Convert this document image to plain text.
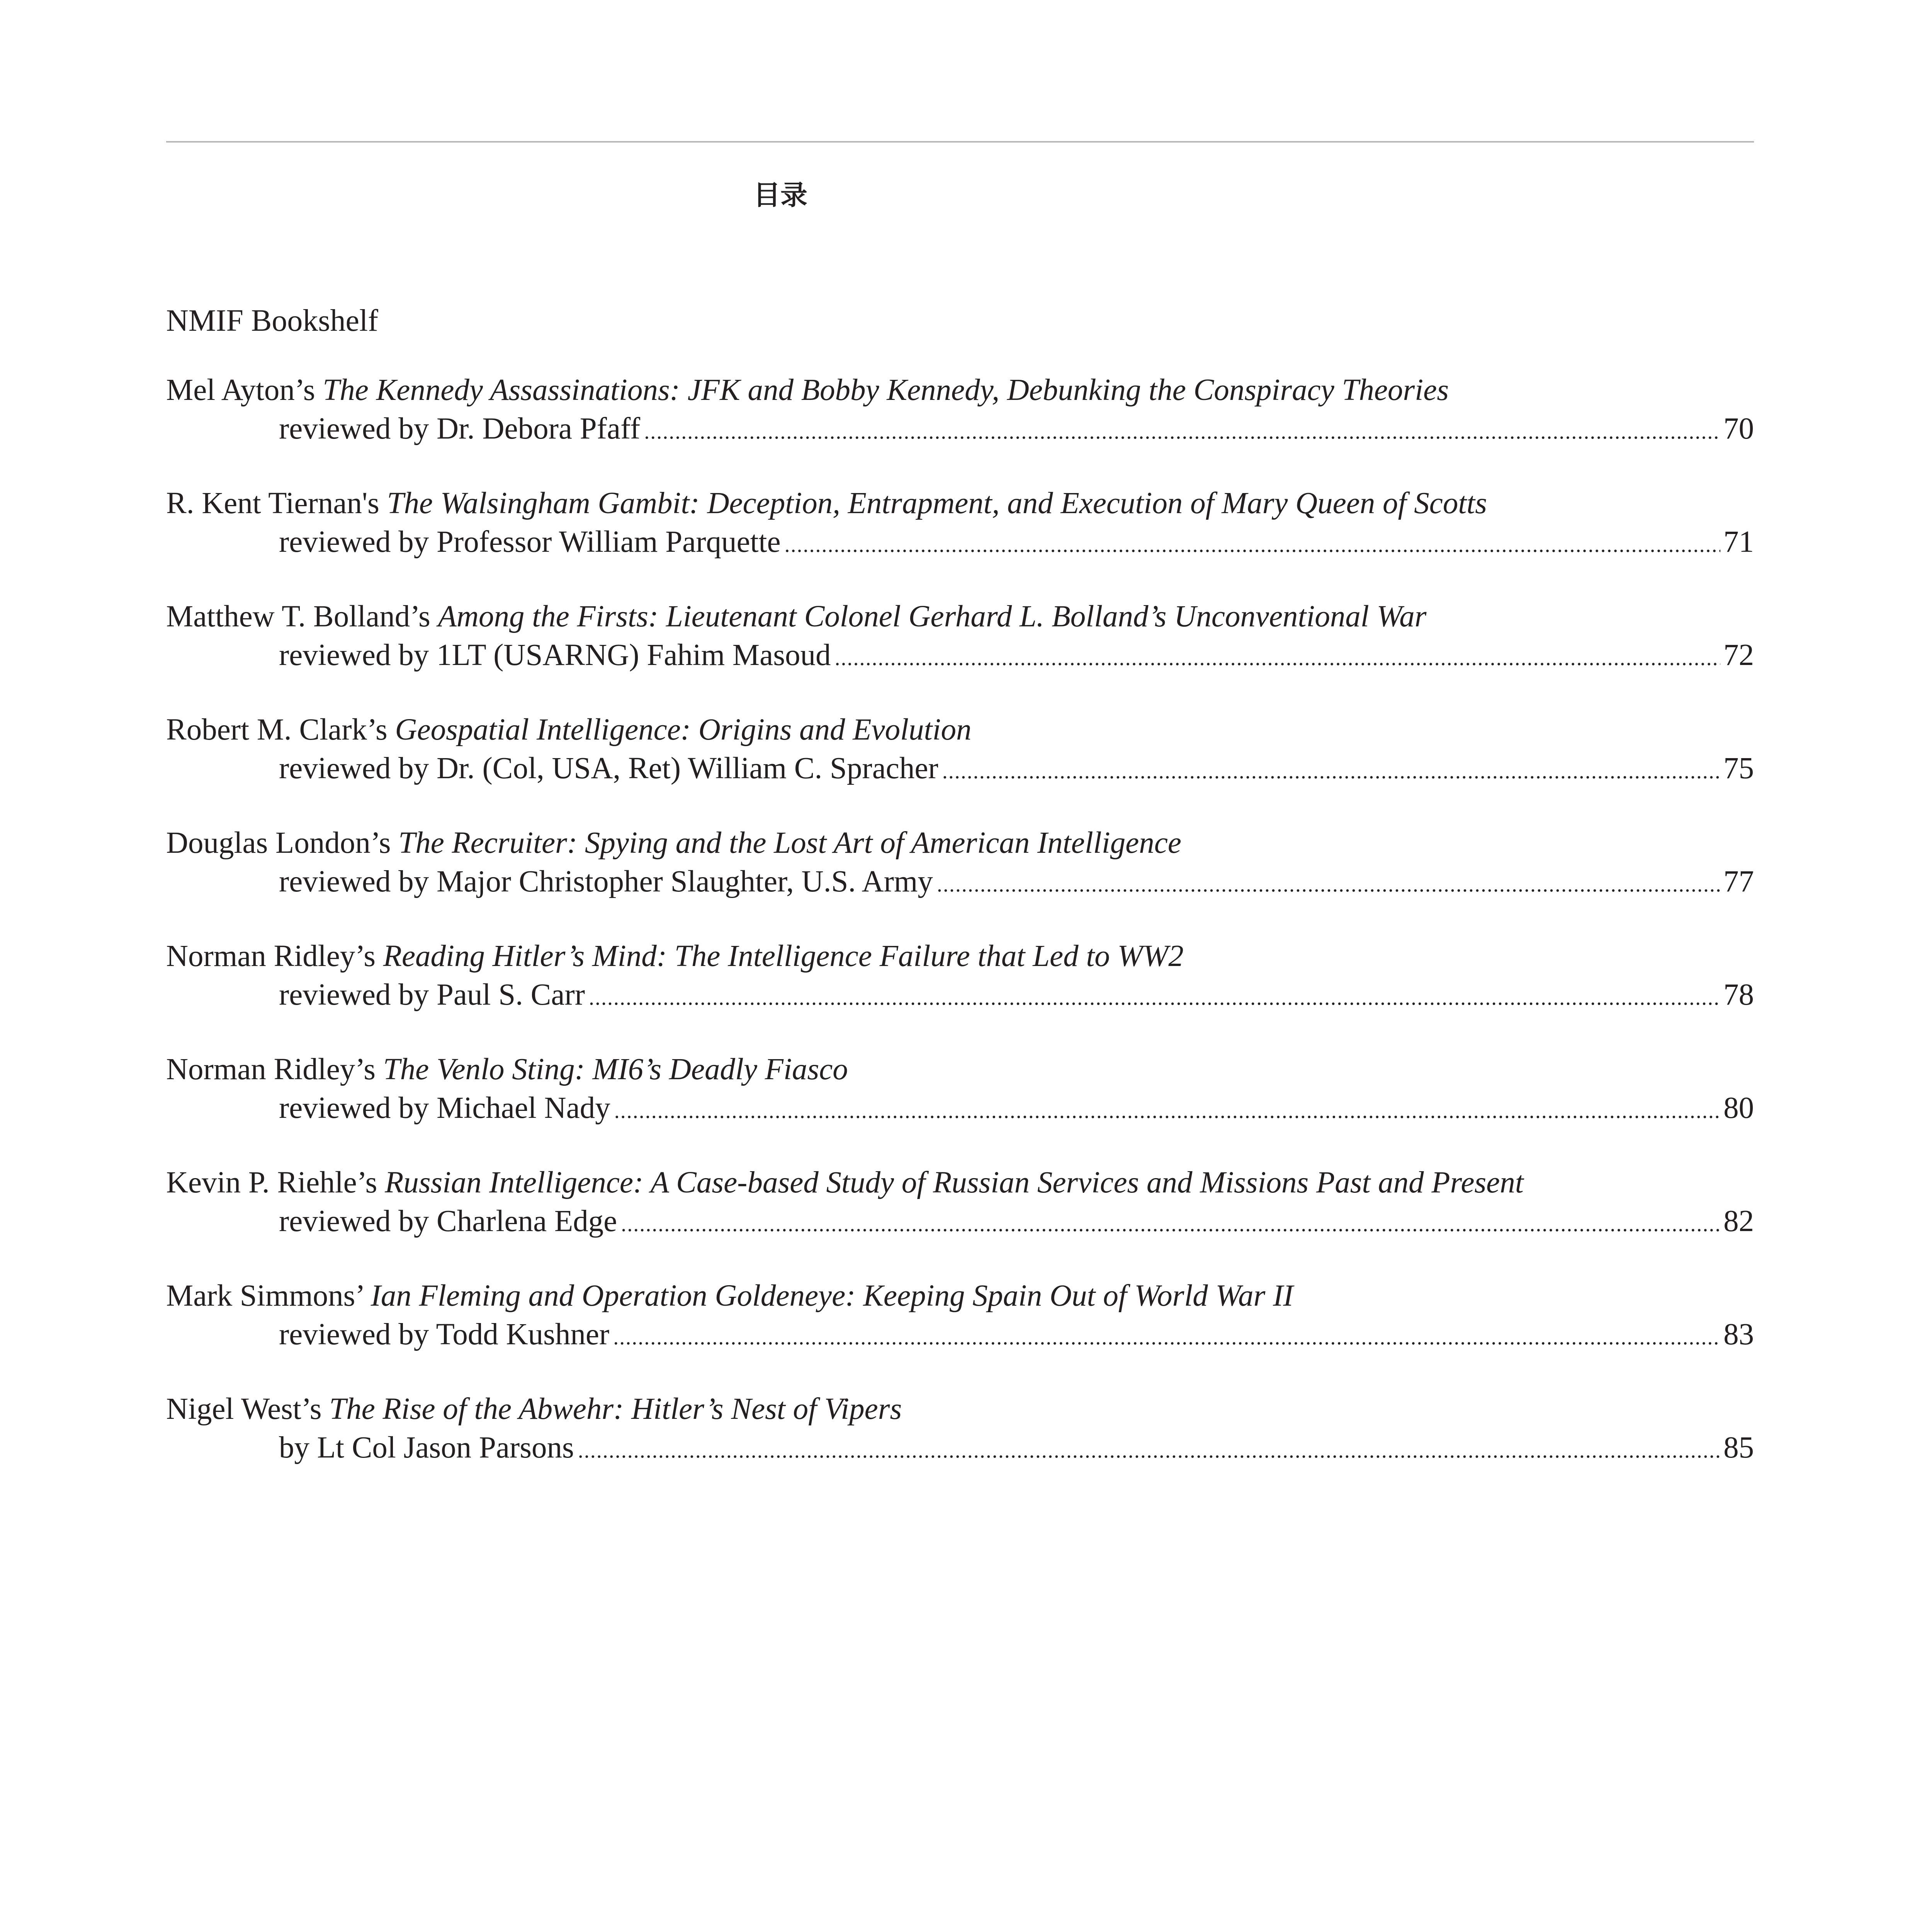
目录
NMIF Bookshelf
Mel Ayton’s The Kennedy Assassinations: JFK and Bobby Kennedy, Debunking the Conspiracy Theories
reviewed by Dr. Debora Pfaff .....	70
R. Kent Tiernan's The Walsingham Gambit: Deception, Entrapment, and Execution of Mary Queen of Scotts
reviewed by Professor William Parquette .....	71
Matthew T. Bolland’s Among the Firsts: Lieutenant Colonel Gerhard L. Bolland’s Unconventional War
reviewed by 1LT (USARNG) Fahim Masoud .....	72
Robert M. Clark’s Geospatial Intelligence: Origins and Evolution
reviewed by Dr. (Col, USA, Ret) William C. Spracher .....	75
Douglas London’s The Recruiter: Spying and the Lost Art of American Intelligence
reviewed by Major Christopher Slaughter, U.S. Army .....	77
Norman Ridley’s Reading Hitler’s Mind: The Intelligence Failure that Led to WW2
reviewed by Paul S. Carr .....	78
Norman Ridley’s The Venlo Sting: MI6’s Deadly Fiasco
reviewed by Michael Nady .....	80
Kevin P. Riehle’s Russian Intelligence: A Case-based Study of Russian Services and Missions Past and Present
reviewed by Charlena Edge .....	82
Mark Simmons’ Ian Fleming and Operation Goldeneye: Keeping Spain Out of World War II
reviewed by Todd Kushner .....	83
Nigel West’s The Rise of the Abwehr: Hitler’s Nest of Vipers
by Lt Col Jason Parsons .....	85
